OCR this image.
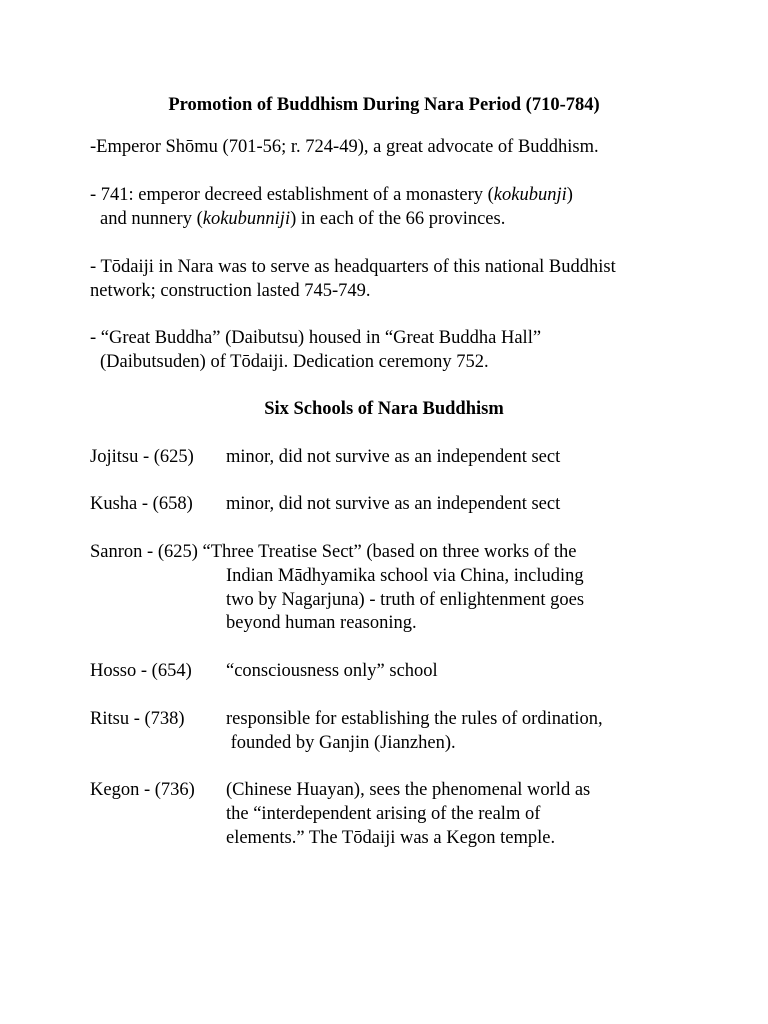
Promotion of Buddhism During Nara Period (710-784)
-Emperor Shōmu (701-56; r. 724-49), a great advocate of Buddhism.
- 741: emperor decreed establishment of a monastery (kokubunji)
and nunnery (kokubunniji) in each of the 66 provinces.
- Tōdaiji in Nara was to serve as headquarters of this national Buddhist
network; construction lasted 745-749.
- “Great Buddha” (Daibutsu) housed in “Great Buddha Hall”
(Daibutsuden) of Tōdaiji. Dedication ceremony 752.
Six Schools of Nara Buddhism
Jojitsu - (625) minor, did not survive as an independent sect
Kusha - (658) minor, did not survive as an independent sect
Sanron - (625) “Three Treatise Sect” (based on three works of the
Indian Mādhyamika school via China, including
two by Nagarjuna) - truth of enlightenment goes
beyond human reasoning.
Hosso - (654) “consciousness only” school
Ritsu - (738) responsible for establishing the rules of ordination,
founded by Ganjin (Jianzhen).
Kegon - (736) (Chinese Huayan), sees the phenomenal world as
the “interdependent arising of the realm of
elements.” The Tōdaiji was a Kegon temple.
